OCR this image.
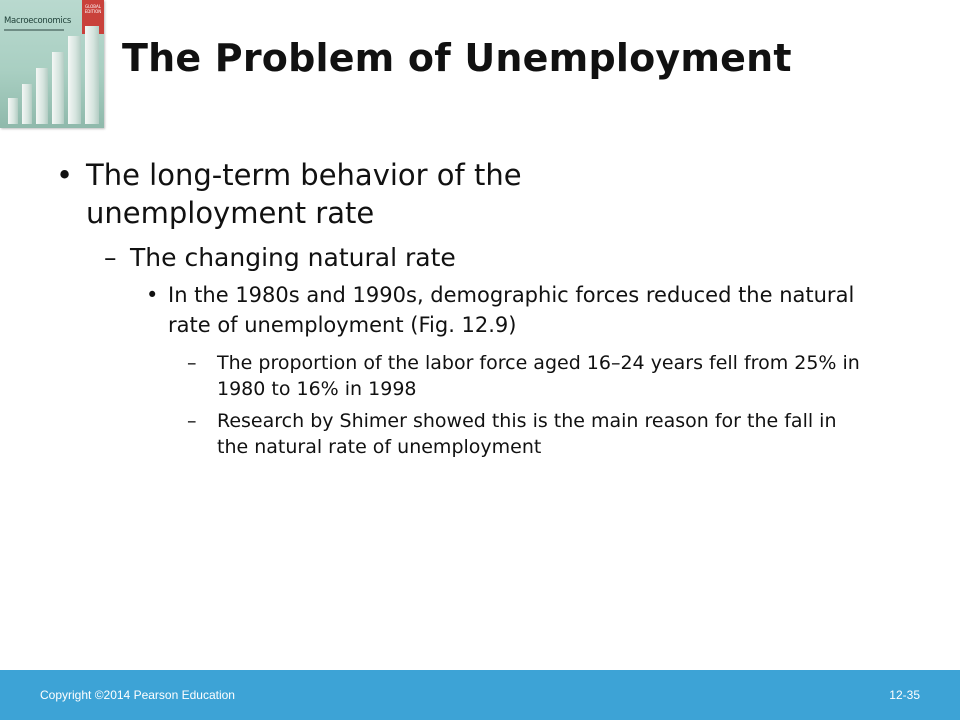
GLOBAL EDITION
Macroeconomics
The Problem of Unemployment
• The long-term behavior of the unemployment rate
– The changing natural rate
• In the 1980s and 1990s, demographic forces reduced the natural rate of unemployment (Fig. 12.9)
– The proportion of the labor force aged 16–24 years fell from 25% in 1980 to 16% in 1998
– Research by Shimer showed this is the main reason for the fall in the natural rate of unemployment
Copyright ©2014 Pearson Education	12-35
